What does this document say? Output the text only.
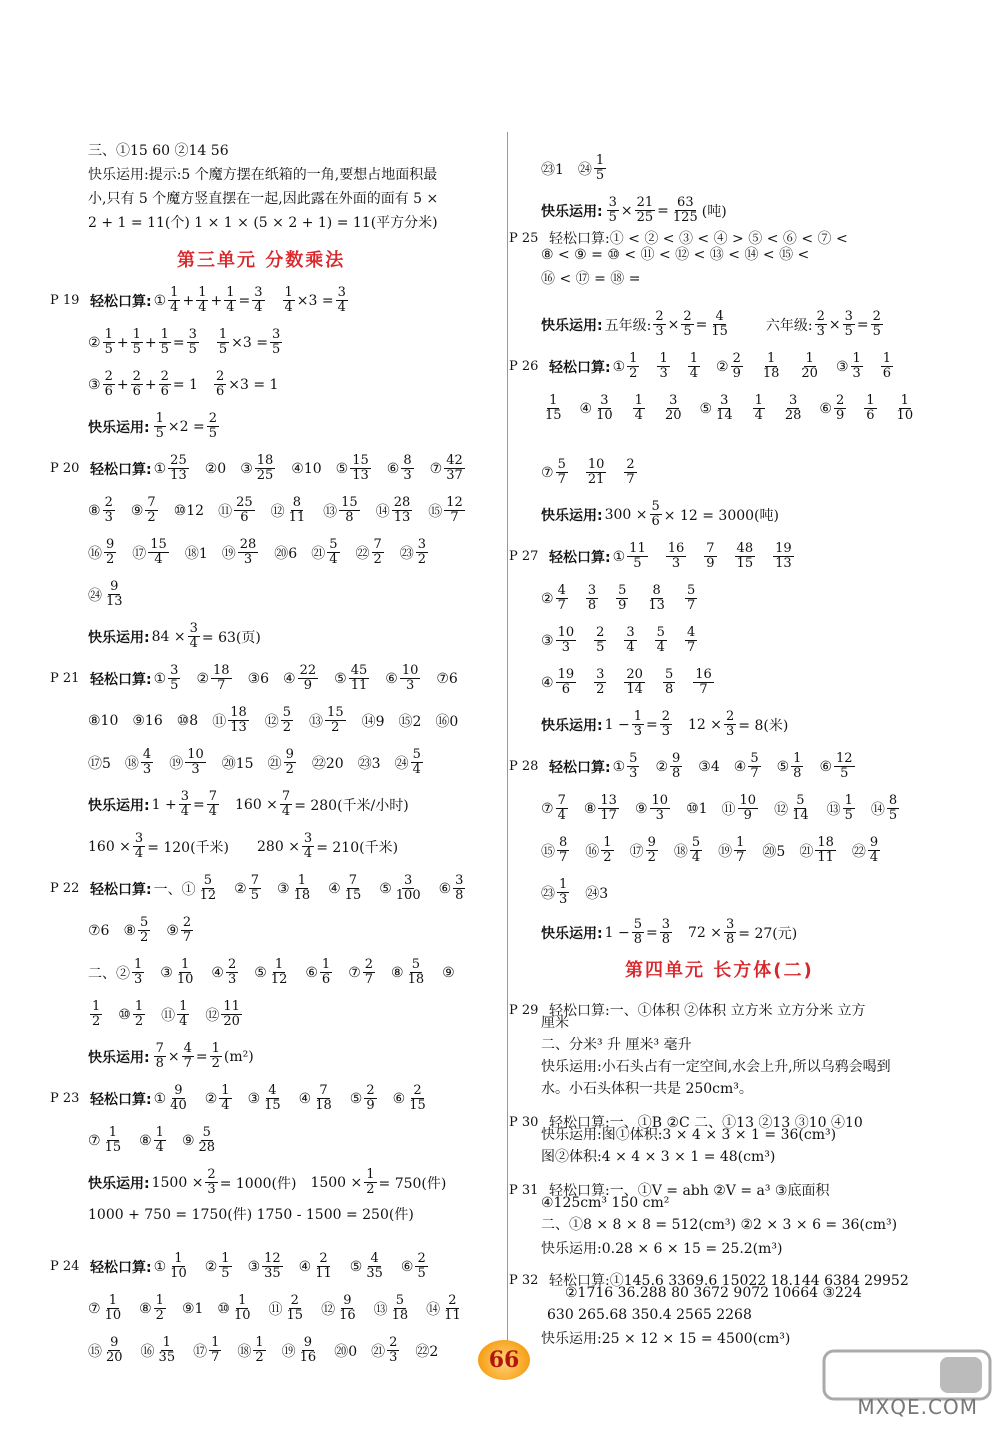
三、①15 60 ②14 56
快乐运用:提示:5 个魔方摆在纸箱的一角,要想占地面积最
小,只有 5 个魔方竖直摆在一起,因此露在外面的面有 5 ×
2 + 1 = 11(个) 1 × 1 × (5 × 2 + 1) = 11(平方分米)
第三单元 分数乘法
P 19 轻松口算: ① $\frac{1}{4} + \frac{1}{4} + \frac{1}{4} = \frac{3}{4} \frac{1}{4} \times 3 = \frac{3}{4}$
② $\frac{1}{5} + \frac{1}{5} + \frac{1}{5} = \frac{3}{5} \frac{1}{5} \times 3 = \frac{3}{5}$
③ $\frac{2}{6} + \frac{2}{6} + \frac{2}{6} = 1 \frac{2}{6} \times 3 = 1$
快乐运用: $\frac{1}{5} \times 2 = \frac{2}{5}$
P 20 轻松口算: ① $\frac{25}{13}$ ②0 ③ $\frac{18}{25}$ ④10 ⑤ $\frac{15}{13}$ ⑥ $\frac{8}{3}$ ⑦ $\frac{42}{37}$
⑧ $\frac{2}{3}$ ⑨ $\frac{7}{2}$ ⑩12 ⑪ $\frac{25}{6}$ ⑫ $\frac{8}{11}$ ⑬ $\frac{15}{8}$ ⑭ $\frac{28}{13}$ ⑮ $\frac{12}{7}$
⑯ $\frac{9}{2}$ ⑰ $\frac{15}{4}$ ⑱1 ⑲ $\frac{28}{3}$ ⑳6 ㉑ $\frac{5}{4}$ ㉒ $\frac{7}{2}$ ㉓ $\frac{3}{2}$
㉔ $\frac{9}{13}$
快乐运用: $84 \times \frac{3}{4} = 63$(页)
P 21 轻松口算: ① $\frac{3}{5}$ ② $\frac{18}{7}$ ③6 ④ $\frac{22}{9}$ ⑤ $\frac{45}{11}$ ⑥ $\frac{10}{3}$ ⑦6
⑧10 ⑨16 ⑩8 ⑪ $\frac{18}{13}$ ⑫ $\frac{5}{2}$ ⑬ $\frac{15}{2}$ ⑭9 ⑮2 ⑯0
⑰5 ⑱ $\frac{4}{3}$ ⑲ $\frac{10}{3}$ ⑳15 ㉑ $\frac{9}{2}$ ㉒20 ㉓3 ㉔ $\frac{5}{4}$
快乐运用: $1 + \frac{3}{4} = \frac{7}{4} 160 \times \frac{7}{4} = 280$(千米/小时)
$160 \times \frac{3}{4} = 120$(千米) $280 \times \frac{3}{4} = 210$(千米)
P 22 轻松口算: 一、① $\frac{5}{12}$ ② $\frac{7}{5}$ ③ $\frac{1}{18}$ ④ $\frac{7}{15}$ ⑤ $\frac{3}{100}$ ⑥ $\frac{3}{8}$
⑦6 ⑧ $\frac{5}{2}$ ⑨ $\frac{2}{7}$
二、② $\frac{1}{3}$ ③ $\frac{1}{10}$ ④ $\frac{2}{3}$ ⑤ $\frac{1}{12}$ ⑥ $\frac{1}{6}$ ⑦ $\frac{2}{7}$ ⑧ $\frac{5}{18}$ ⑨
$\frac{1}{2}$ ⑩ $\frac{1}{2}$ ⑪ $\frac{1}{4}$ ⑫ $\frac{11}{20}$
快乐运用: $\frac{7}{8} \times \frac{4}{7} = \frac{1}{2} (m^2)$
P 23 轻松口算: ① $\frac{9}{40}$ ② $\frac{1}{4}$ ③ $\frac{4}{15}$ ④ $\frac{7}{18}$ ⑤ $\frac{2}{9}$ ⑥ $\frac{2}{15}$
⑦ $\frac{1}{15}$ ⑧ $\frac{1}{4}$ ⑨ $\frac{5}{28}$
快乐运用: $1500 \times \frac{2}{3} = 1000$(件) $1500 \times \frac{1}{2} = 750$(件)
1000 + 750 = 1750(件) 1750 - 1500 = 250(件)
P 24 轻松口算: ① $\frac{1}{10}$ ② $\frac{1}{5}$ ③ $\frac{12}{35}$ ④ $\frac{2}{11}$ ⑤ $\frac{4}{35}$ ⑥ $\frac{2}{5}$
⑦ $\frac{1}{10}$ ⑧ $\frac{1}{2}$ ⑨1 ⑩ $\frac{1}{10}$ ⑪ $\frac{2}{15}$ ⑫ $\frac{9}{16}$ ⑬ $\frac{5}{18}$ ⑭ $\frac{2}{11}$
⑮ $\frac{9}{20}$ ⑯ $\frac{1}{35}$ ⑰ $\frac{1}{7}$ ⑱ $\frac{1}{2}$ ⑲ $\frac{9}{16}$ ⑳0 ㉑ $\frac{2}{3}$ ㉒2
㉓1 ㉔ $\frac{1}{5}$
快乐运用: $\frac{3}{5} \times \frac{21}{25} = \frac{63}{125}$ (吨)
P 25 轻松口算:① < ② < ③ < ④ > ⑤ < ⑥ < ⑦ <
⑧ < ⑨ = ⑩ < ⑪ < ⑫ < ⑬ < ⑭ < ⑮ <
⑯ < ⑰ = ⑱ =
快乐运用: 五年级: $\frac{2}{3} \times \frac{2}{5} = \frac{4}{15}$	六年级: $\frac{2}{3} \times \frac{3}{5} = \frac{2}{5}$
P 26 轻松口算: ① $\frac{1}{2} \frac{1}{3} \frac{1}{4}$ ② $\frac{2}{9} \frac{1}{18} \frac{1}{20}$ ③ $\frac{1}{3} \frac{1}{6}$
$\frac{1}{15}$ ④ $\frac{3}{10} \frac{1}{4} \frac{3}{20}$ ⑤ $\frac{3}{14} \frac{1}{4} \frac{3}{28}$ ⑥ $\frac{2}{9} \frac{1}{6} \frac{1}{10}$
⑦ $\frac{5}{7} \frac{10}{21} \frac{2}{7}$
快乐运用: $300 \times \frac{5}{6} \times 12 = 3000$(吨)
P 27 轻松口算: ① $\frac{11}{5} \frac{16}{3} \frac{7}{9} \frac{48}{15} \frac{19}{13}$
② $\frac{4}{7} \frac{3}{8} \frac{5}{9} \frac{8}{13} \frac{5}{7}$
③ $\frac{10}{3} \frac{2}{5} \frac{3}{4} \frac{5}{4} \frac{4}{7}$
④ $\frac{19}{6} \frac{3}{2} \frac{20}{14} \frac{5}{8} \frac{16}{7}$
快乐运用: $1 - \frac{1}{3} = \frac{2}{3} 12 \times \frac{2}{3} = 8$(米)
P 28 轻松口算: ① $\frac{5}{3}$ ② $\frac{9}{8}$ ③4 ④ $\frac{5}{7}$ ⑤ $\frac{1}{8}$ ⑥ $\frac{12}{5}$
⑦ $\frac{7}{4}$ ⑧ $\frac{13}{17}$ ⑨ $\frac{10}{3}$ ⑩1 ⑪ $\frac{10}{9}$ ⑫ $\frac{5}{14}$ ⑬ $\frac{1}{5}$ ⑭ $\frac{8}{5}$
⑮ $\frac{8}{7}$ ⑯ $\frac{1}{2}$ ⑰ $\frac{9}{2}$ ⑱ $\frac{5}{4}$ ⑲ $\frac{1}{7}$ ⑳5 ㉑ $\frac{18}{11}$ ㉒ $\frac{9}{4}$
㉓ $\frac{1}{3}$ ㉔3
快乐运用: $1 - \frac{5}{8} = \frac{3}{8} 72 \times \frac{3}{8} = 27$(元)
第四单元 长方体(二)
P 29 轻松口算:一、①体积 ②体积 立方米 立方分米 立方
厘米
二、分米³ 升 厘米³ 毫升
快乐运用:小石头占有一定空间,水会上升,所以乌鸦会喝到
水。小石头体积一共是 250cm³。
P 30 轻松口算:一、①B ②C 二、①13 ②13 ③10 ④10
快乐运用:图①体积:3 × 4 × 3 × 1 = 36(cm³)
图②体积:4 × 4 × 3 × 1 = 48(cm³)
P 31 轻松口算:一、①V = abh ②V = a³ ③底面积
④125cm³ 150 cm²
二、①8 × 8 × 8 = 512(cm³) ②2 × 3 × 6 = 36(cm³)
快乐运用:0.28 × 6 × 15 = 25.2(m³)
P 32 轻松口算:①145.6 3369.6 15022 18.144 6384 29952
②1716 36.288 80 3672 9072 10664 ③224
630 265.68 350.4 2565 2268
快乐运用:25 × 12 × 15 = 4500(cm³)
66
MXQE.COM
